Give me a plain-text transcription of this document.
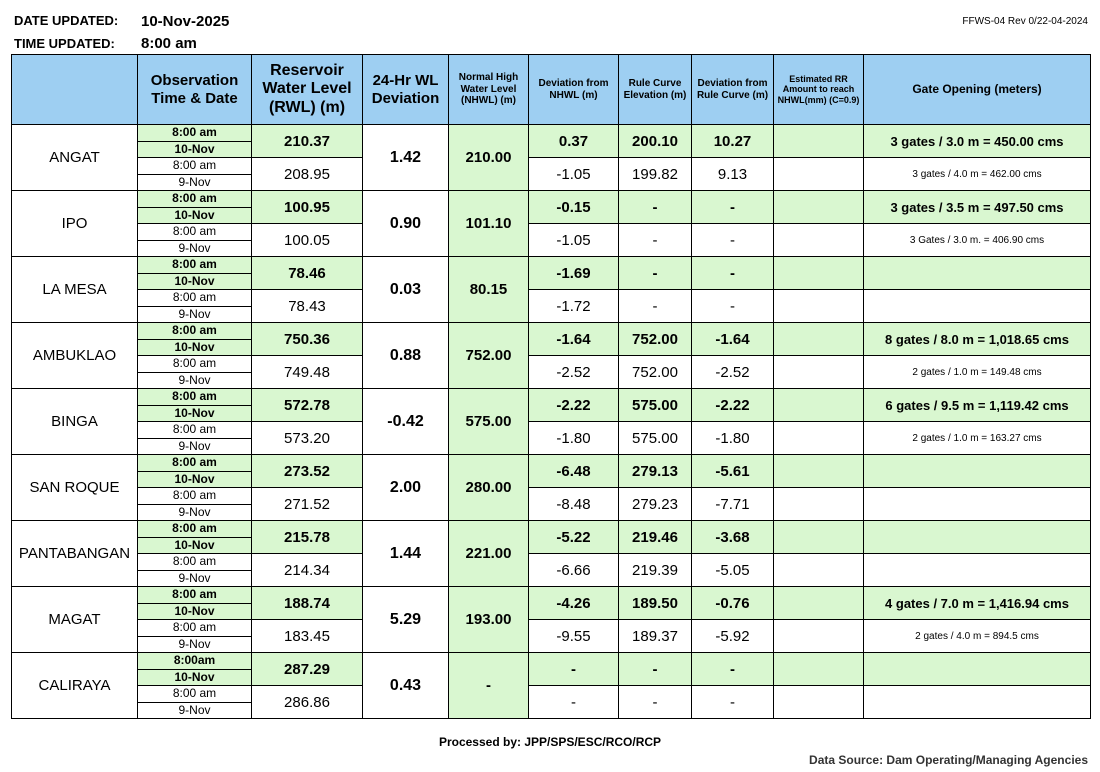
DATE UPDATED: 10-Nov-2025
TIME UPDATED: 8:00 am
FFWS-04 Rev 0/22-04-2024
	Observation Time & Date	Reservoir Water Level (RWL) (m)	24-Hr WL Deviation	Normal High Water Level (NHWL) (m)	Deviation from NHWL (m)	Rule Curve Elevation (m)	Deviation from Rule Curve (m)	Estimated RR Amount to reach NHWL(mm) (C=0.9)	Gate Opening (meters)
ANGAT	8:00 am	210.37	1.42	210.00	0.37	200.10	10.27		3 gates / 3.0 m = 450.00 cms
	10-Nov								
	8:00 am	208.95			-1.05	199.82	9.13		3 gates / 4.0 m = 462.00 cms
	9-Nov								
IPO	8:00 am	100.95	0.90	101.10	-0.15	-	-		3 gates / 3.5 m = 497.50 cms
	10-Nov								
	8:00 am	100.05			-1.05	-	-		3 Gates / 3.0 m. = 406.90 cms
	9-Nov								
LA MESA	8:00 am	78.46	0.03	80.15	-1.69	-	-		
	10-Nov								
	8:00 am	78.43			-1.72	-	-		
	9-Nov								
AMBUKLAO	8:00 am	750.36	0.88	752.00	-1.64	752.00	-1.64		8 gates / 8.0 m = 1,018.65 cms
	10-Nov								
	8:00 am	749.48			-2.52	752.00	-2.52		2 gates / 1.0 m = 149.48 cms
	9-Nov								
BINGA	8:00 am	572.78	-0.42	575.00	-2.22	575.00	-2.22		6 gates / 9.5 m = 1,119.42 cms
	10-Nov								
	8:00 am	573.20			-1.80	575.00	-1.80		2 gates / 1.0 m = 163.27 cms
	9-Nov								
SAN ROQUE	8:00 am	273.52	2.00	280.00	-6.48	279.13	-5.61		
	10-Nov								
	8:00 am	271.52			-8.48	279.23	-7.71		
	9-Nov								
PANTABANGAN	8:00 am	215.78	1.44	221.00	-5.22	219.46	-3.68		
	10-Nov								
	8:00 am	214.34			-6.66	219.39	-5.05		
	9-Nov								
MAGAT	8:00 am	188.74	5.29	193.00	-4.26	189.50	-0.76		4 gates / 7.0 m = 1,416.94 cms
	10-Nov								
	8:00 am	183.45			-9.55	189.37	-5.92		2 gates / 4.0 m = 894.5 cms
	9-Nov								
CALIRAYA	8:00am	287.29	0.43	-	-	-	-		
	10-Nov								
	8:00 am	286.86			-	-	-		
	9-Nov								
Processed by: JPP/SPS/ESC/RCO/RCP
Data Source: Dam Operating/Managing Agencies
